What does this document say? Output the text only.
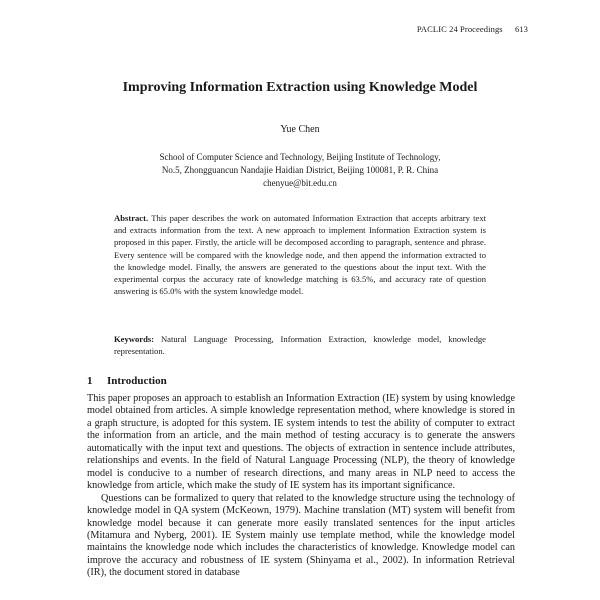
PACLIC 24 Proceedings 613
Improving Information Extraction using Knowledge Model
Yue Chen
School of Computer Science and Technology, Beijing Institute of Technology,
No.5, Zhongguancun Nandajie Haidian District, Beijing 100081, P. R. China
chenyue@bit.edu.cn

Abstract. This paper describes the work on automated Information Extraction that accepts arbitrary text and extracts information from the text. A new approach to implement Information Extraction system is proposed in this paper. Firstly, the article will be decomposed according to paragraph, sentence and phrase. Every sentence will be compared with the knowledge node, and then append the information extracted to the knowledge model. Finally, the answers are generated to the questions about the input text. With the experimental corpus the accuracy rate of knowledge matching is 63.5%, and accuracy rate of question answering is 65.0% with the system knowledge model.

Keywords: Natural Language Processing, Information Extraction, knowledge model, knowledge representation.

1 Introduction

This paper proposes an approach to establish an Information Extraction (IE) system by using knowledge model obtained from articles. A simple knowledge representation method, where knowledge is stored in a graph structure, is adopted for this system. IE system intends to test the ability of computer to extract the information from an article, and the main method of testing accuracy is to generate the answers automatically with the input text and questions. The objects of extraction in sentence include attributes, relationships and events. In the field of Natural Language Processing (NLP), the theory of knowledge model is conducive to a number of research directions, and many areas in NLP need to access the knowledge from article, which make the study of IE system has its important significance.

Questions can be formalized to query that related to the knowledge structure using the technology of knowledge model in QA system (McKeown, 1979). Machine translation (MT) system will benefit from knowledge model because it can generate more easily translated sentences for the input articles (Mitamura and Nyberg, 2001). IE System mainly use template method, while the knowledge model maintains the knowledge node which includes the characteristics of knowledge. Knowledge model can improve the accuracy and robustness of IE system (Shinyama et al., 2002). In information Retrieval (IR), the document stored in database
